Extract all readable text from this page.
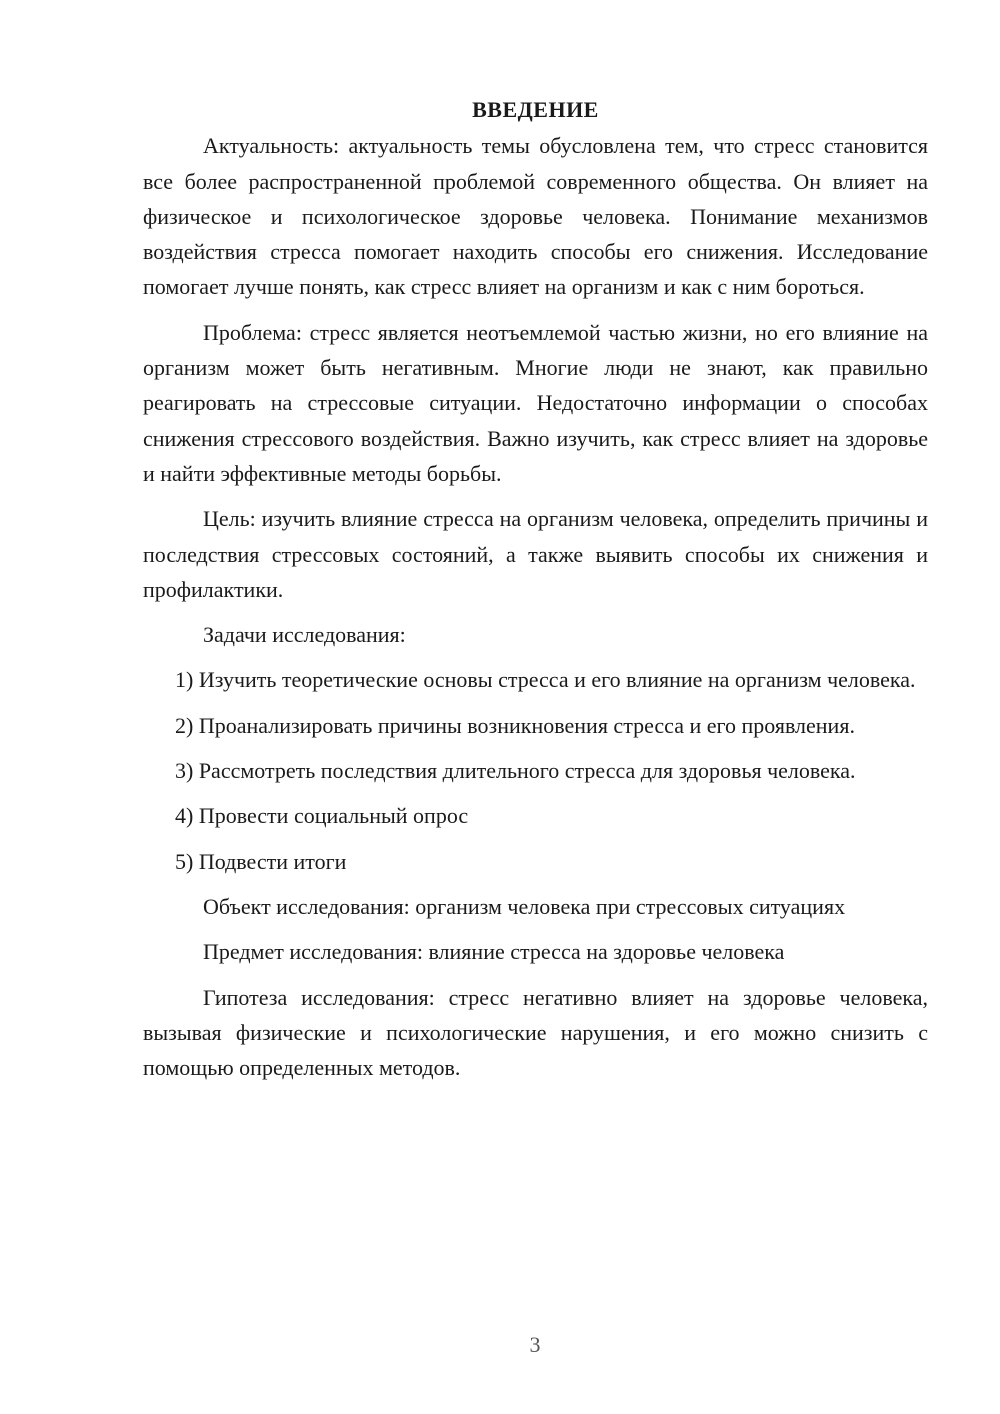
ВВЕДЕНИЕ

Актуальность: актуальность темы обусловлена тем, что стресс становится все более распространенной проблемой современного общества. Он влияет на физическое и психологическое здоровье человека. Понимание механизмов воздействия стресса помогает находить способы его снижения. Исследование помогает лучше понять, как стресс влияет на организм и как с ним бороться.

Проблема: стресс является неотъемлемой частью жизни, но его влияние на организм может быть негативным. Многие люди не знают, как правильно реагировать на стрессовые ситуации. Недостаточно информации о способах снижения стрессового воздействия. Важно изучить, как стресс влияет на здоровье и найти эффективные методы борьбы.

Цель: изучить влияние стресса на организм человека, определить причины и последствия стрессовых состояний, а также выявить способы их снижения и профилактики.

Задачи исследования:

1) Изучить теоретические основы стресса и его влияние на организм человека.

2) Проанализировать причины возникновения стресса и его проявления.

3) Рассмотреть последствия длительного стресса для здоровья человека.

4) Провести социальный опрос

5) Подвести итоги

Объект исследования: организм человека при стрессовых ситуациях

Предмет исследования: влияние стресса на здоровье человека

Гипотеза исследования: стресс негативно влияет на здоровье человека, вызывая физические и психологические нарушения, и его можно снизить с помощью определенных методов.

3
